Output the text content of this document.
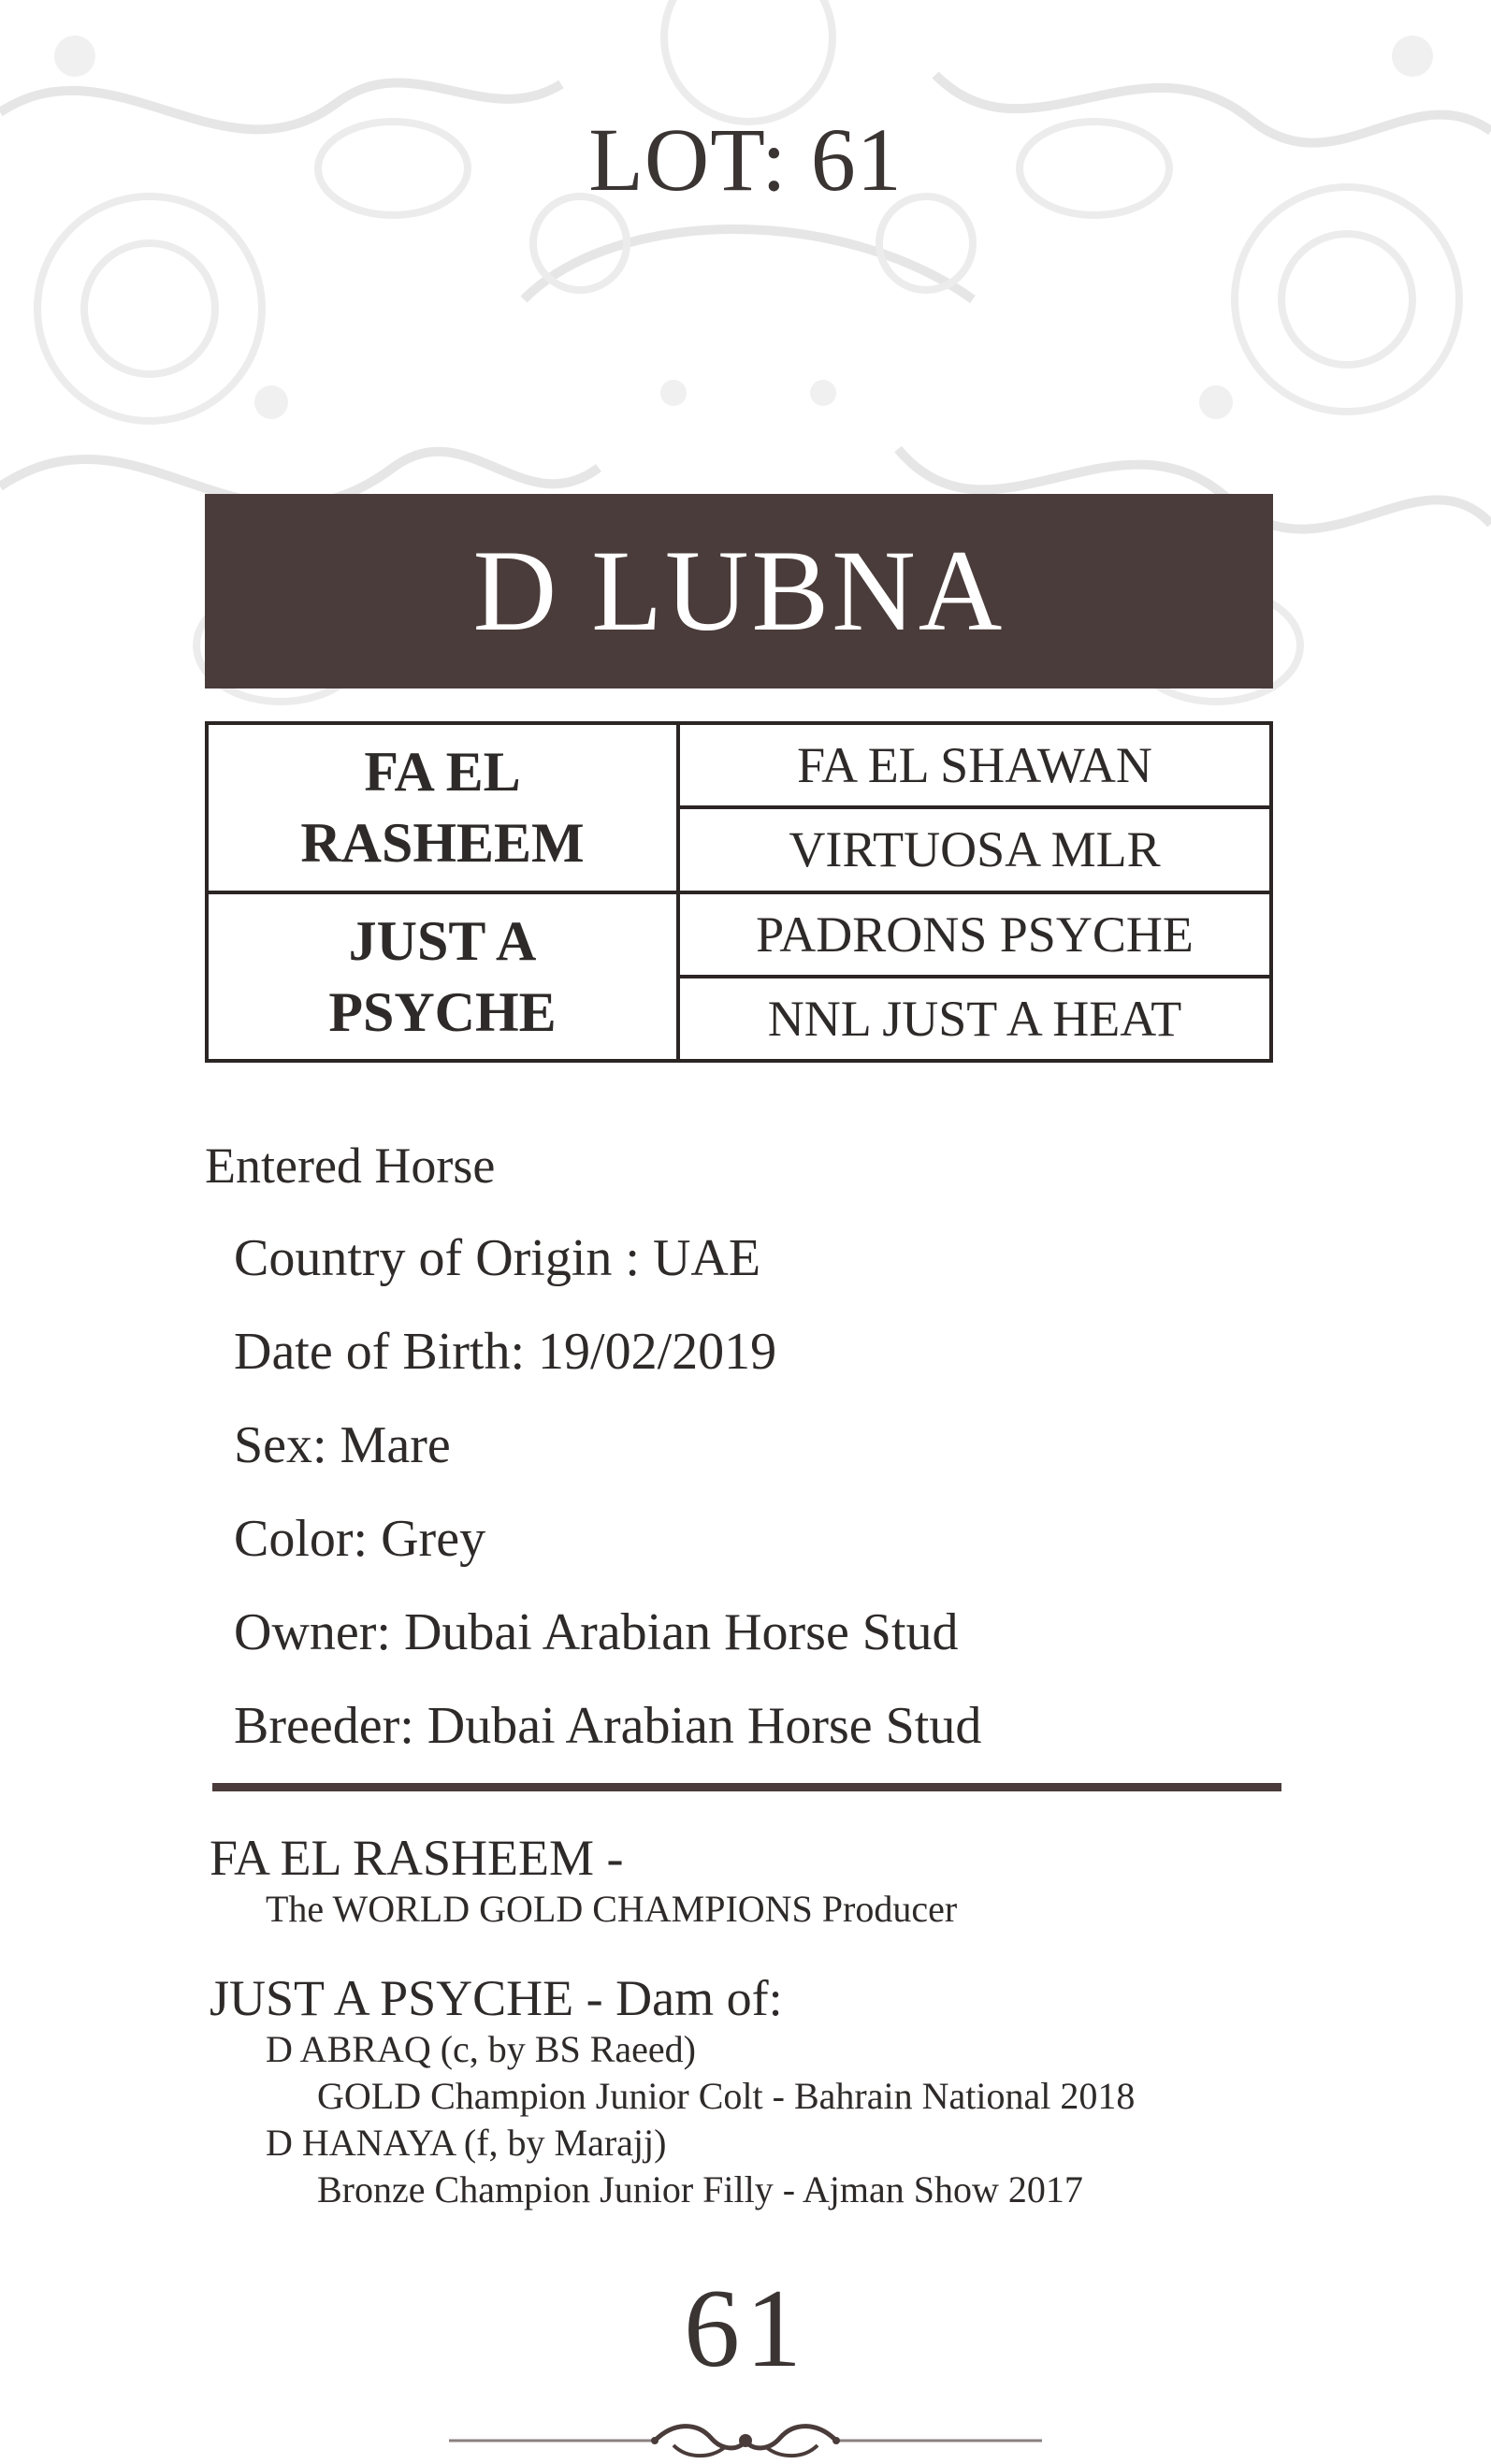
LOT: 61
D LUBNA
FA EL RASHEEM	FA EL SHAWAN
	VIRTUOSA MLR
JUST A PSYCHE	PADRONS PSYCHE
	NNL JUST A HEAT
Entered Horse
Country of Origin : UAE
Date of Birth: 19/02/2019
Sex: Mare
Color: Grey
Owner: Dubai Arabian Horse Stud
Breeder: Dubai Arabian Horse Stud
FA EL RASHEEM -
The WORLD GOLD CHAMPIONS Producer
JUST A PSYCHE - Dam of:
D ABRAQ (c, by BS Raeed)
GOLD Champion Junior Colt - Bahrain National 2018
D HANAYA (f, by Marajj)
Bronze Champion Junior Filly - Ajman Show 2017
61
